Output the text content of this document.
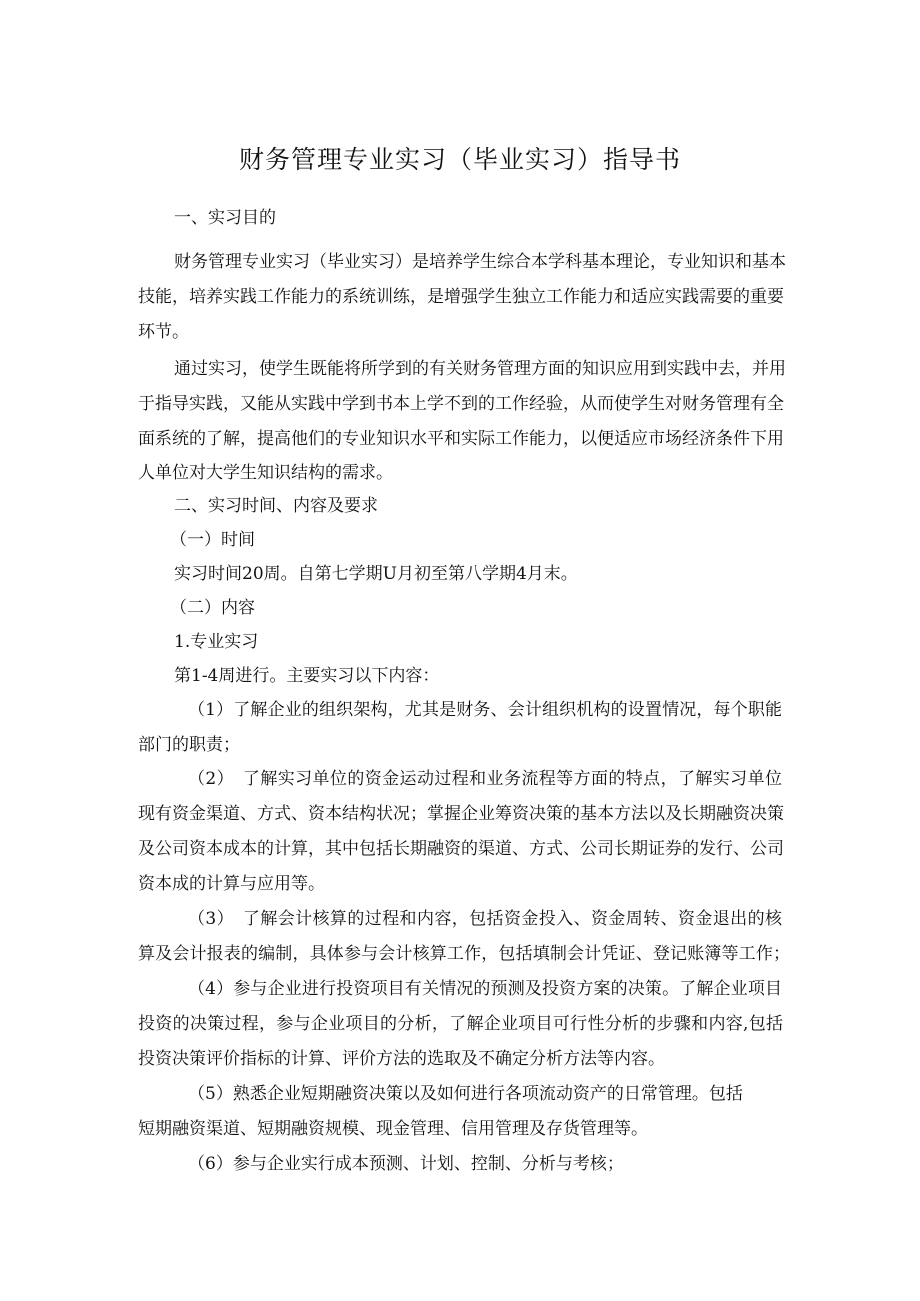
财务管理专业实习（毕业实习）指导书
一、实习目的
财务管理专业实习（毕业实习）是培养学生综合本学科基本理论，专业知识和基本
技能，培养实践工作能力的系统训练，是增强学生独立工作能力和适应实践需要的重要
环节。
通过实习，使学生既能将所学到的有关财务管理方面的知识应用到实践中去，并用
于指导实践，又能从实践中学到书本上学不到的工作经验，从而使学生对财务管理有全
面系统的了解，提高他们的专业知识水平和实际工作能力，以便适应市场经济条件下用
人单位对大学生知识结构的需求。
二、实习时间、内容及要求
（一）时间
实习时间20周。自第七学期U月初至第八学期4月末。
（二）内容
1.专业实习
第1-4周进行。主要实习以下内容：
（1）了解企业的组织架构，尤其是财务、会计组织机构的设置情况，每个职能
部门的职责；
（2）　了解实习单位的资金运动过程和业务流程等方面的特点，了解实习单位
现有资金渠道、方式、资本结构状况；掌握企业筹资决策的基本方法以及长期融资决策
及公司资本成本的计算，其中包括长期融资的渠道、方式、公司长期证券的发行、公司
资本成的计算与应用等。
（3）　了解会计核算的过程和内容，包括资金投入、资金周转、资金退出的核
算及会计报表的编制，具体参与会计核算工作，包括填制会计凭证、登记账簿等工作；
（4）参与企业进行投资项目有关情况的预测及投资方案的决策。了解企业项目
投资的决策过程，参与企业项目的分析，了解企业项目可行性分析的步骤和内容,包括
投资决策评价指标的计算、评价方法的选取及不确定分析方法等内容。
（5）熟悉企业短期融资决策以及如何进行各项流动资产的日常管理。包括
短期融资渠道、短期融资规模、现金管理、信用管理及存货管理等。
（6）参与企业实行成本预测、计划、控制、分析与考核；
